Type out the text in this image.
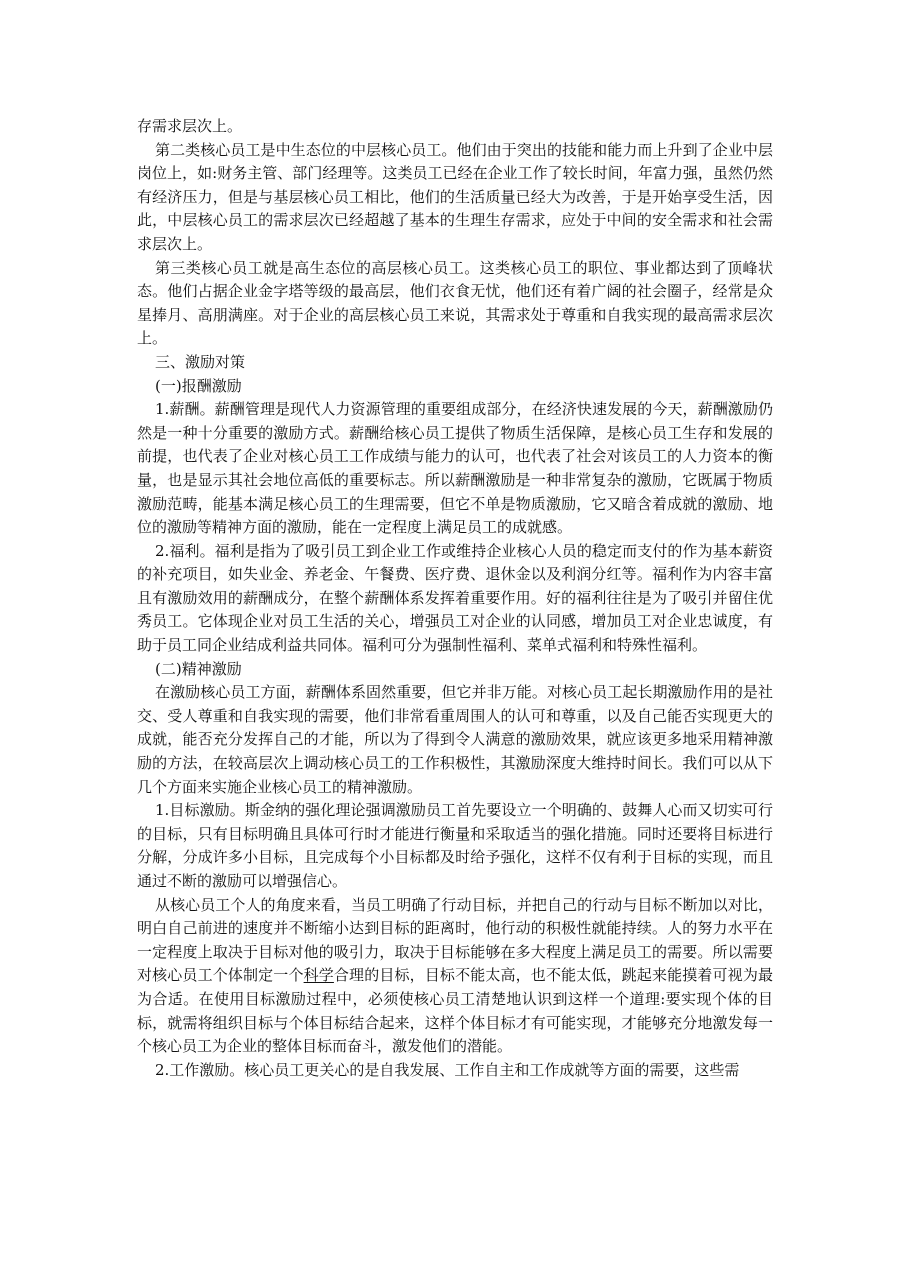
存需求层次上。

第二类核心员工是中生态位的中层核心员工。他们由于突出的技能和能力而上升到了企业中层岗位上，如:财务主管、部门经理等。这类员工已经在企业工作了较长时间，年富力强，虽然仍然有经济压力，但是与基层核心员工相比，他们的生活质量已经大为改善，于是开始享受生活，因此，中层核心员工的需求层次已经超越了基本的生理生存需求，应处于中间的安全需求和社会需求层次上。

第三类核心员工就是高生态位的高层核心员工。这类核心员工的职位、事业都达到了顶峰状态。他们占据企业金字塔等级的最高层，他们衣食无忧，他们还有着广阔的社会圈子，经常是众星捧月、高朋满座。对于企业的高层核心员工来说，其需求处于尊重和自我实现的最高需求层次上。

三、激励对策

(一)报酬激励

1.薪酬。薪酬管理是现代人力资源管理的重要组成部分，在经济快速发展的今天，薪酬激励仍然是一种十分重要的激励方式。薪酬给核心员工提供了物质生活保障，是核心员工生存和发展的前提，也代表了企业对核心员工工作成绩与能力的认可，也代表了社会对该员工的人力资本的衡量，也是显示其社会地位高低的重要标志。所以薪酬激励是一种非常复杂的激励，它既属于物质激励范畴，能基本满足核心员工的生理需要，但它不单是物质激励，它又暗含着成就的激励、地位的激励等精神方面的激励，能在一定程度上满足员工的成就感。

2.福利。福利是指为了吸引员工到企业工作或维持企业核心人员的稳定而支付的作为基本薪资的补充项目，如失业金、养老金、午餐费、医疗费、退休金以及利润分红等。福利作为内容丰富且有激励效用的薪酬成分，在整个薪酬体系发挥着重要作用。好的福利往往是为了吸引并留住优秀员工。它体现企业对员工生活的关心，增强员工对企业的认同感，增加员工对企业忠诚度，有助于员工同企业结成利益共同体。福利可分为强制性福利、菜单式福利和特殊性福利。

(二)精神激励

在激励核心员工方面，薪酬体系固然重要，但它并非万能。对核心员工起长期激励作用的是社交、受人尊重和自我实现的需要，他们非常看重周围人的认可和尊重，以及自己能否实现更大的成就，能否充分发挥自己的才能，所以为了得到令人满意的激励效果，就应该更多地采用精神激励的方法，在较高层次上调动核心员工的工作积极性，其激励深度大维持时间长。我们可以从下几个方面来实施企业核心员工的精神激励。

1.目标激励。斯金纳的强化理论强调激励员工首先要设立一个明确的、鼓舞人心而又切实可行的目标，只有目标明确且具体可行时才能进行衡量和采取适当的强化措施。同时还要将目标进行分解，分成许多小目标，且完成每个小目标都及时给予强化，这样不仅有利于目标的实现，而且通过不断的激励可以增强信心。

从核心员工个人的角度来看，当员工明确了行动目标，并把自己的行动与目标不断加以对比，明白自己前进的速度并不断缩小达到目标的距离时，他行动的积极性就能持续。人的努力水平在一定程度上取决于目标对他的吸引力，取决于目标能够在多大程度上满足员工的需要。所以需要对核心员工个体制定一个科学合理的目标，目标不能太高，也不能太低，跳起来能摸着可视为最为合适。在使用目标激励过程中，必须使核心员工清楚地认识到这样一个道理:要实现个体的目标，就需将组织目标与个体目标结合起来，这样个体目标才有可能实现，才能够充分地激发每一个核心员工为企业的整体目标而奋斗，激发他们的潜能。

2.工作激励。核心员工更关心的是自我发展、工作自主和工作成就等方面的需要，这些需
